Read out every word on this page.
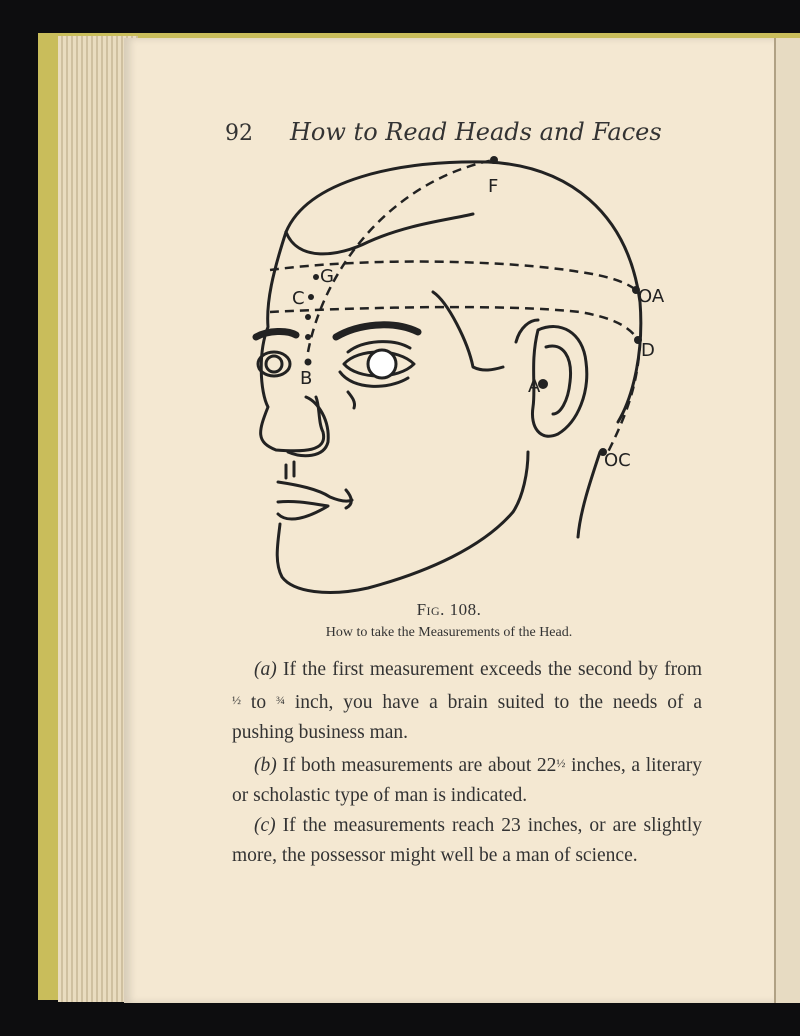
92 How to Read Heads and Faces
F
G
C
B	A
OA
D
OC
Fig. 108.
How to take the Measurements of the Head.

(a) If the first measurement exceeds the second by from $^{\frac{1}{2}}$ to $^{\frac{3}{4}}$ inch, you have a brain suited to the needs of a pushing business man.

(b) If both measurements are about $22^{\frac{1}{2}}$ inches, a literary or scholastic type of man is indicated.

(c) If the measurements reach 23 inches, or are slightly more, the possessor might well be a man of science.
